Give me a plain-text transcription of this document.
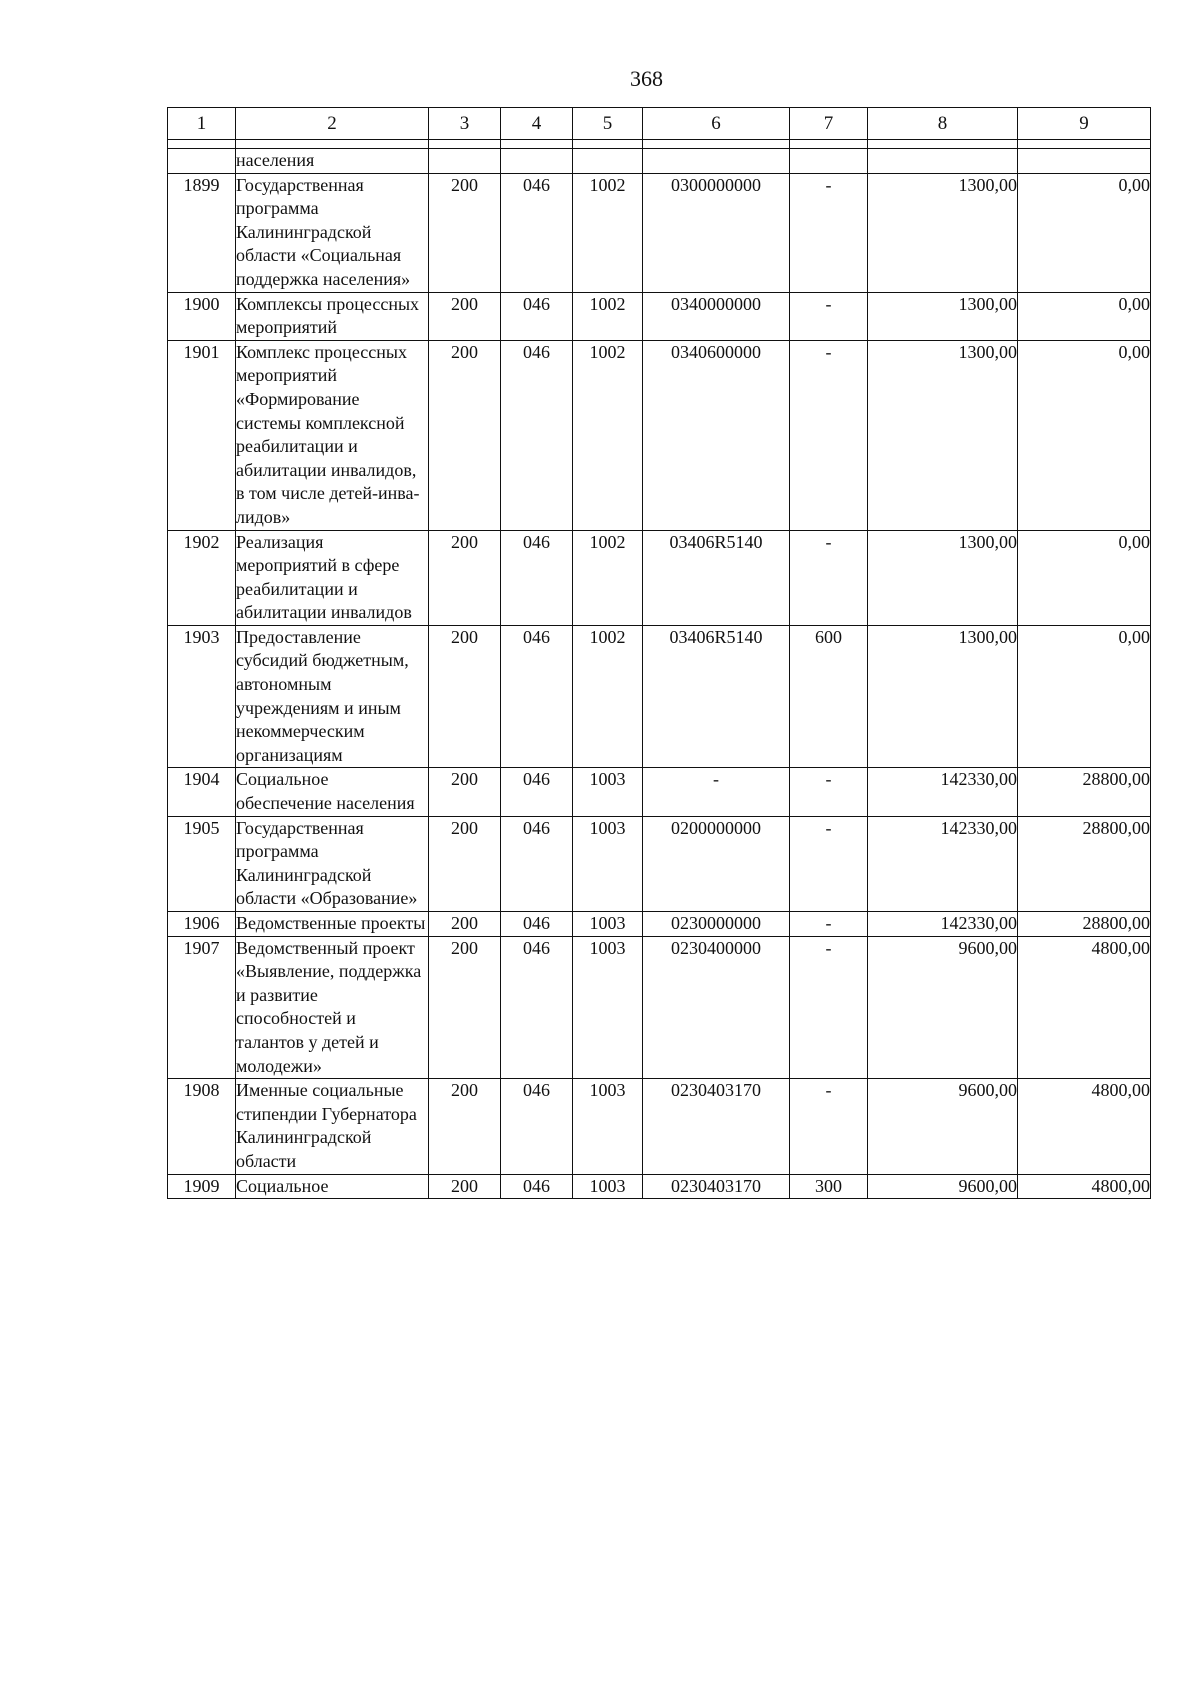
368
1	2	3	4	5	6	7	8	9

	населения							
1899	Государственная программа Калининградской области «Социальная поддержка населения»	200	046	1002	0300000000	-	1300,00	0,00
1900	Комплексы процессных мероприятий	200	046	1002	0340000000	-	1300,00	0,00
1901	Комплекс процессных мероприятий «Формирование системы комплексной реабилитации и абилитации инвалидов, в том числе детей-инва-лидов»	200	046	1002	0340600000	-	1300,00	0,00
1902	Реализация мероприятий в сфере реабилитации и абилитации инвалидов	200	046	1002	03406R5140	-	1300,00	0,00
1903	Предоставление субсидий бюджетным, автономным учреждениям и иным некоммерческим организациям	200	046	1002	03406R5140	600	1300,00	0,00
1904	Социальное обеспечение населения	200	046	1003	-	-	142330,00	28800,00
1905	Государственная программа Калининградской области «Образование»	200	046	1003	0200000000	-	142330,00	28800,00
1906	Ведомственные проекты	200	046	1003	0230000000	-	142330,00	28800,00
1907	Ведомственный проект «Выявление, поддержка и развитие способностей и талантов у детей и молодежи»	200	046	1003	0230400000	-	9600,00	4800,00
1908	Именные социальные стипендии Губернатора Калининградской области	200	046	1003	0230403170	-	9600,00	4800,00
1909	Социальное	200	046	1003	0230403170	300	9600,00	4800,00
